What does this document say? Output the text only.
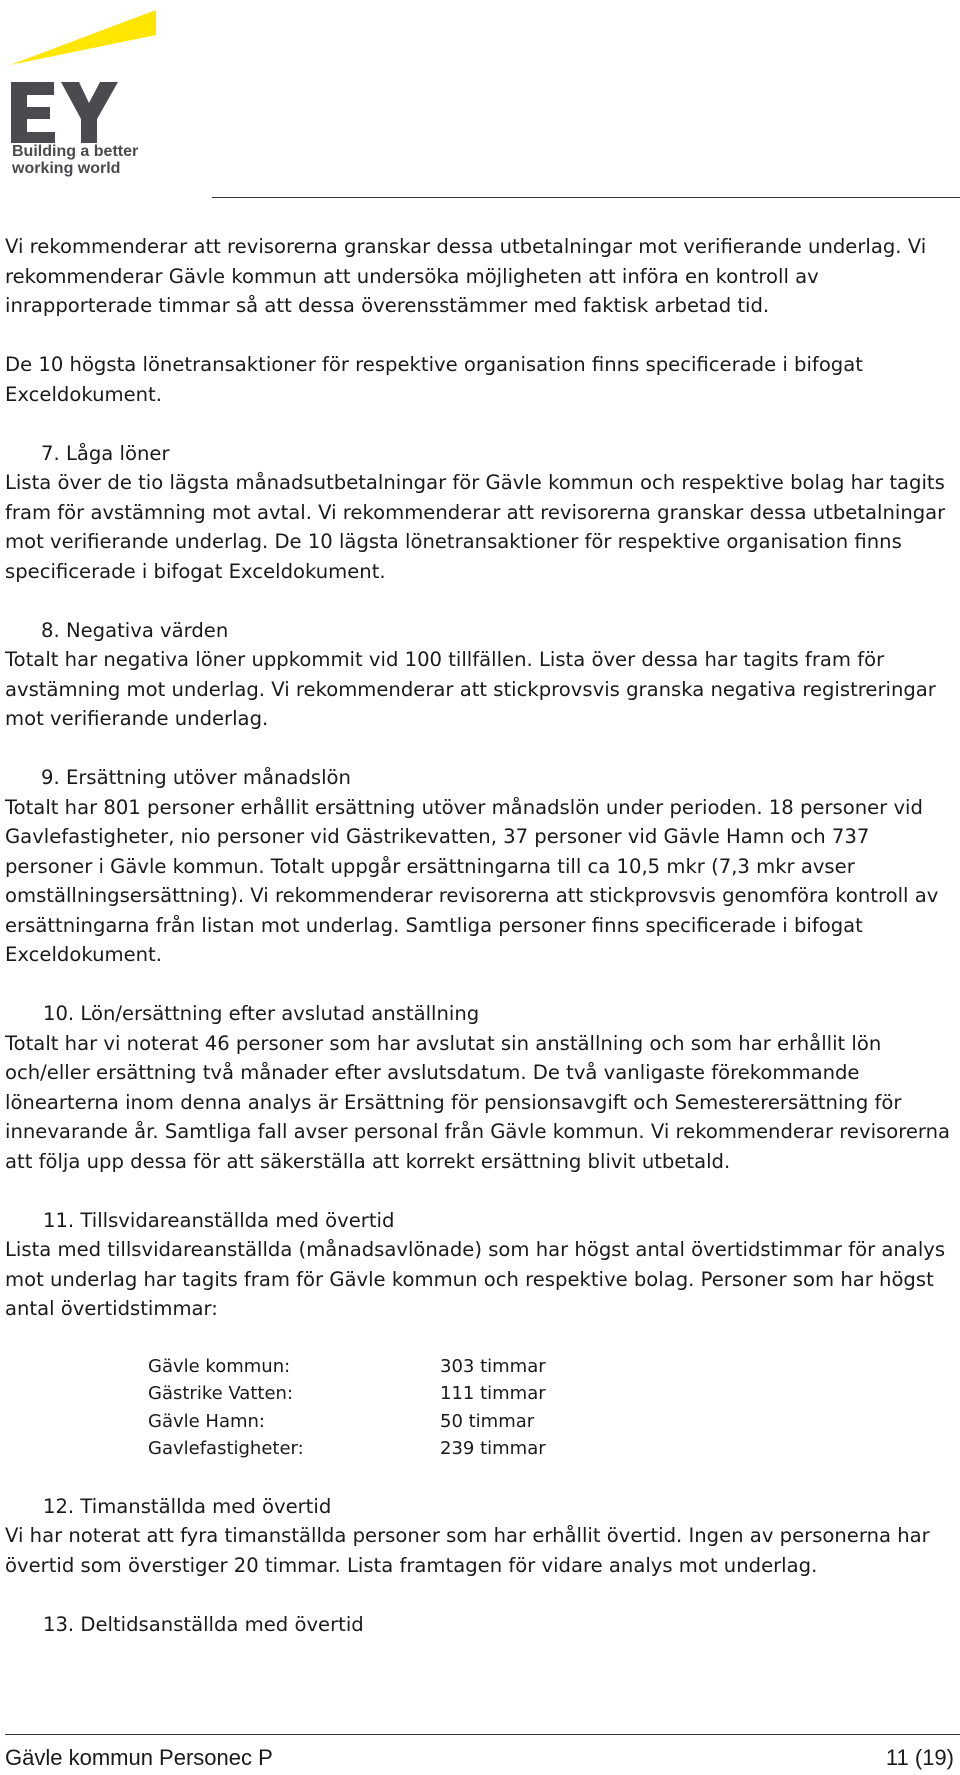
Building a better
working world

Vi rekommenderar att revisorerna granskar dessa utbetalningar mot verifierande underlag. Vi rekommenderar Gävle kommun att undersöka möjligheten att införa en kontroll av inrapporterade timmar så att dessa överensstämmer med faktisk arbetad tid.

De 10 högsta lönetransaktioner för respektive organisation finns specificerade i bifogat Exceldokument.

7. Låga löner

Lista över de tio lägsta månadsutbetalningar för Gävle kommun och respektive bolag har tagits fram för avstämning mot avtal. Vi rekommenderar att revisorerna granskar dessa utbetalningar mot verifierande underlag. De 10 lägsta lönetransaktioner för respektive organisation finns specificerade i bifogat Exceldokument.

8. Negativa värden

Totalt har negativa löner uppkommit vid 100 tillfällen. Lista över dessa har tagits fram för avstämning mot underlag. Vi rekommenderar att stickprovsvis granska negativa registreringar mot verifierande underlag.

9. Ersättning utöver månadslön

Totalt har 801 personer erhållit ersättning utöver månadslön under perioden. 18 personer vid Gavlefastigheter, nio personer vid Gästrikevatten, 37 personer vid Gävle Hamn och 737 personer i Gävle kommun. Totalt uppgår ersättningarna till ca 10,5 mkr (7,3 mkr avser omställningsersättning). Vi rekommenderar revisorerna att stickprovsvis genomföra kontroll av ersättningarna från listan mot underlag. Samtliga personer finns specificerade i bifogat Exceldokument.

10. Lön/ersättning efter avslutad anställning

Totalt har vi noterat 46 personer som har avslutat sin anställning och som har erhållit lön och/eller ersättning två månader efter avslutsdatum. De två vanligaste förekommande lönearterna inom denna analys är Ersättning för pensionsavgift och Semesterersättning för innevarande år. Samtliga fall avser personal från Gävle kommun. Vi rekommenderar revisorerna att följa upp dessa för att säkerställa att korrekt ersättning blivit utbetald.

11. Tillsvidareanställda med övertid

Lista med tillsvidareanställda (månadsavlönade) som har högst antal övertidstimmar för analys mot underlag har tagits fram för Gävle kommun och respektive bolag. Personer som har högst antal övertidstimmar:

Gävle kommun:	303 timmar
Gästrike Vatten:	111 timmar
Gävle Hamn:	50 timmar
Gavlefastigheter:	239 timmar

12. Timanställda med övertid

Vi har noterat att fyra timanställda personer som har erhållit övertid. Ingen av personerna har övertid som överstiger 20 timmar. Lista framtagen för vidare analys mot underlag.

13. Deltidsanställda med övertid

Gävle kommun Personec P	11 (19)
